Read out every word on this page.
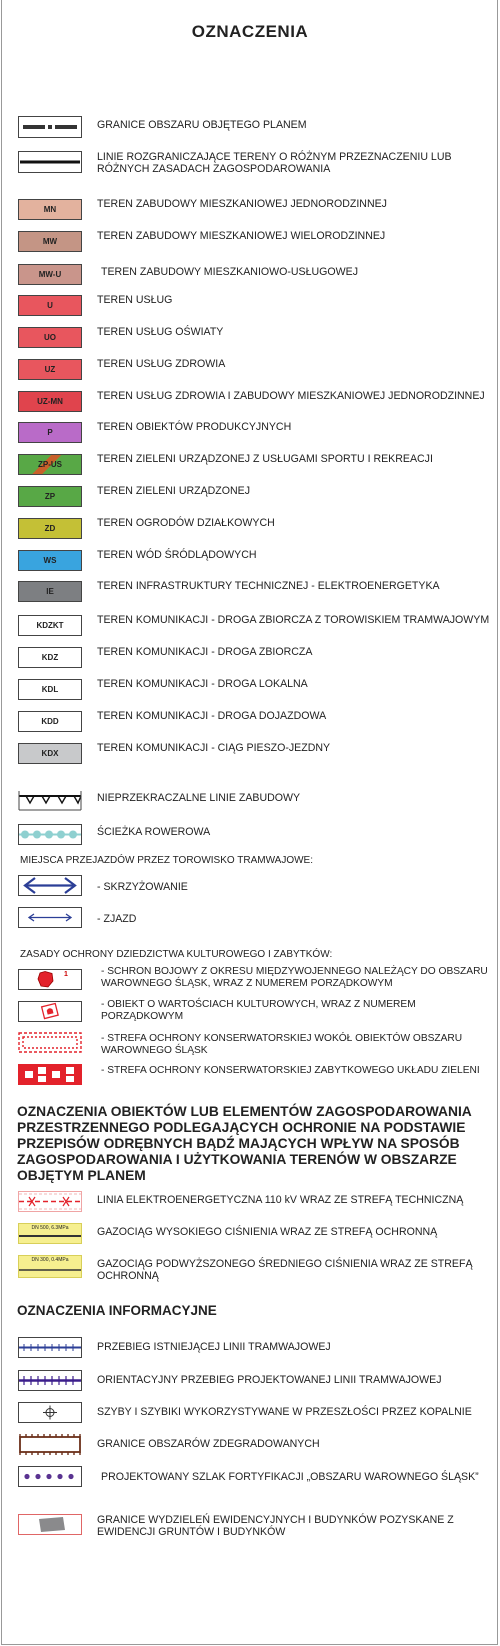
OZNACZENIA
GRANICE OBSZARU OBJĘTEGO PLANEM
LINIE ROZGRANICZAJĄCE TERENY O RÓŻNYM PRZEZNACZENIU LUB RÓŻNYCH ZASADACH ZAGOSPODAROWANIA
MN	TEREN ZABUDOWY MIESZKANIOWEJ JEDNORODZINNEJ
MW	TEREN ZABUDOWY MIESZKANIOWEJ WIELORODZINNEJ
MW-U	TEREN ZABUDOWY MIESZKANIOWO-USŁUGOWEJ
U	TEREN USŁUG
UO	TEREN USŁUG OŚWIATY
UZ	TEREN USŁUG ZDROWIA
UZ-MN	TEREN USŁUG ZDROWIA I ZABUDOWY MIESZKANIOWEJ JEDNORODZINNEJ
P	TEREN OBIEKTÓW PRODUKCYJNYCH
ZP-US	TEREN ZIELENI URZĄDZONEJ Z USŁUGAMI SPORTU I REKREACJI
ZP	TEREN ZIELENI URZĄDZONEJ
ZD	TEREN OGRODÓW DZIAŁKOWYCH
WS	TEREN WÓD ŚRÓDLĄDOWYCH
IE	TEREN INFRASTRUKTURY TECHNICZNEJ - ELEKTROENERGETYKA
KDZKT	TEREN KOMUNIKACJI - DROGA ZBIORCZA Z TOROWISKIEM TRAMWAJOWYM
KDZ	TEREN KOMUNIKACJI - DROGA ZBIORCZA
KDL	TEREN KOMUNIKACJI - DROGA LOKALNA
KDD	TEREN KOMUNIKACJI - DROGA DOJAZDOWA
KDX	TEREN KOMUNIKACJI - CIĄG PIESZO-JEZDNY
NIEPRZEKRACZALNE LINIE ZABUDOWY
ŚCIEŻKA ROWEROWA
MIEJSCA PRZEJAZDÓW PRZEZ TOROWISKO TRAMWAJOWE:
- SKRZYŻOWANIE
- ZJAZD
ZASADY OCHRONY DZIEDZICTWA KULTUROWEGO I ZABYTKÓW:
1	- SCHRON BOJOWY Z OKRESU MIĘDZYWOJENNEGO NALEŻĄCY DO OBSZARU WAROWNEGO ŚLĄSK, WRAZ Z NUMEREM PORZĄDKOWYM
- OBIEKT O WARTOŚCIACH KULTUROWYCH, WRAZ Z NUMEREM PORZĄDKOWYM
- STREFA OCHRONY KONSERWATORSKIEJ WOKÓŁ OBIEKTÓW OBSZARU WAROWNEGO ŚLĄSK
- STREFA OCHRONY KONSERWATORSKIEJ ZABYTKOWEGO UKŁADU ZIELENI
OZNACZENIA OBIEKTÓW LUB ELEMENTÓW ZAGOSPODAROWANIA PRZESTRZENNEGO PODLEGAJĄCYCH OCHRONIE NA PODSTAWIE PRZEPISÓW ODRĘBNYCH BĄDŹ MAJĄCYCH WPŁYW NA SPOSÓB ZAGOSPODAROWANIA I UŻYTKOWANIA TERENÓW W OBSZARZE OBJĘTYM PLANEM
LINIA ELEKTROENERGETYCZNA 110 kV WRAZ ZE STREFĄ TECHNICZNĄ
DN 500, 6.3MPa	GAZOCIĄG WYSOKIEGO CIŚNIENIA WRAZ ZE STREFĄ OCHRONNĄ
DN 300, 0.4MPa	GAZOCIĄG PODWYŻSZONEGO ŚREDNIEGO CIŚNIENIA WRAZ ZE STREFĄ OCHRONNĄ
OZNACZENIA INFORMACYJNE
PRZEBIEG ISTNIEJĄCEJ LINII TRAMWAJOWEJ
ORIENTACYJNY PRZEBIEG PROJEKTOWANEJ LINII TRAMWAJOWEJ
SZYBY I SZYBIKI WYKORZYSTYWANE W PRZESZŁOŚCI PRZEZ KOPALNIE
GRANICE OBSZARÓW ZDEGRADOWANYCH
PROJEKTOWANY SZLAK FORTYFIKACJI „OBSZARU WAROWNEGO ŚLĄSK”
GRANICE WYDZIELEŃ EWIDENCYJNYCH I BUDYNKÓW POZYSKANE Z EWIDENCJI GRUNTÓW I BUDYNKÓW
